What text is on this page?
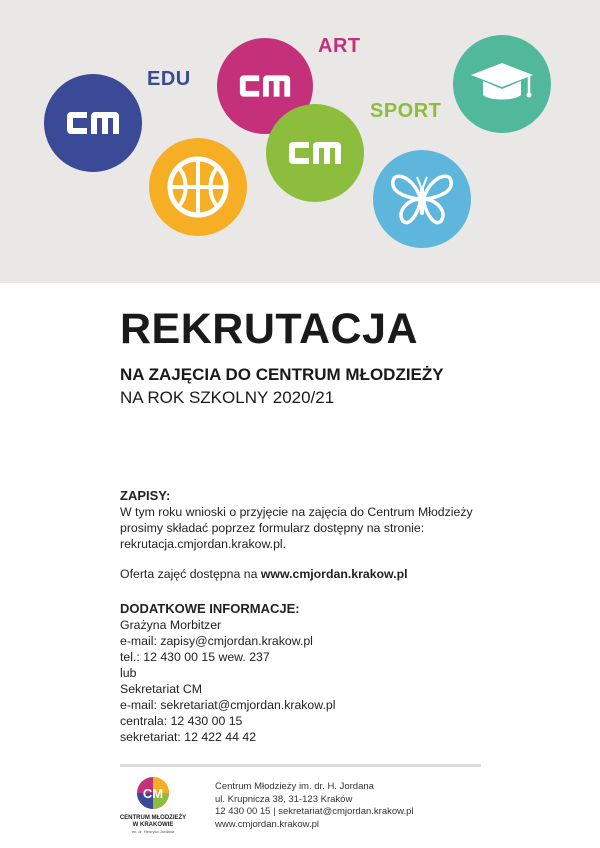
EDU
ART
SPORT
REKRUTACJA
NA ZAJĘCIA DO CENTRUM MŁODZIEŻY
NA ROK SZKOLNY 2020/21
ZAPISY:
W tym roku wnioski o przyjęcie na zajęcia do Centrum Młodzieży
prosimy składać poprzez formularz dostępny na stronie:
rekrutacja.cmjordan.krakow.pl.
Oferta zajęć dostępna na www.cmjordan.krakow.pl
DODATKOWE INFORMACJE:
Grażyna Morbitzer
e-mail: zapisy@cmjordan.krakow.pl
tel.: 12 430 00 15 wew. 237
lub
Sekretariat CM
e-mail: sekretariat@cmjordan.krakow.pl
centrala: 12 430 00 15
sekretariat: 12 422 44 42
CM
CENTRUM MŁODZIEŻY W KRAKOWIE
im. dr. Henryka Jordana
Centrum Młodzieży im. dr. H. Jordana
ul. Krupnicza 38, 31-123 Kraków
12 430 00 15 | sekretariat@cmjordan.krakow.pl
www.cmjordan.krakow.pl
